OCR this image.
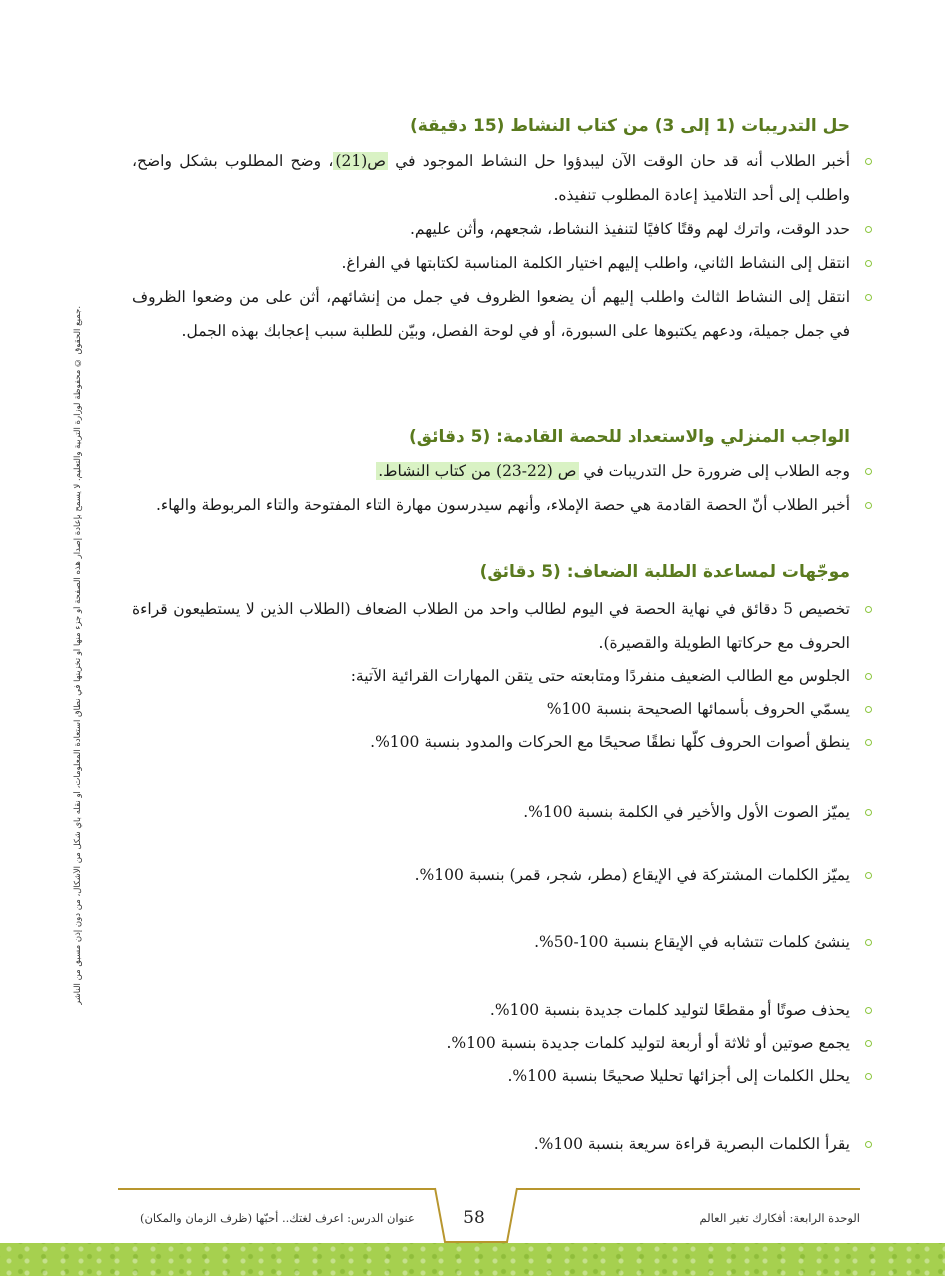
حل التدريبات (1 إلى 3) من كتاب النشاط (15 دقيقة)
أخبر الطلاب أنه قد حان الوقت الآن ليبدؤوا حل النشاط الموجود في ص(21)، وضح المطلوب بشكل واضح، واطلب إلى أحد التلاميذ إعادة المطلوب تنفيذه.
حدد الوقت، واترك لهم وقتًا كافيًا لتنفيذ النشاط، شجعهم، وأثن عليهم.
انتقل إلى النشاط الثاني، واطلب إليهم اختيار الكلمة المناسبة لكتابتها في الفراغ.
انتقل إلى النشاط الثالث واطلب إليهم أن يضعوا الظروف في جمل من إنشائهم، أثن على من وضعوا الظروف في جمل جميلة، ودعهم يكتبوها على السبورة، أو في لوحة الفصل، وبيّن للطلبة سبب إعجابك بهذه الجمل.
الواجب المنزلي والاستعداد للحصة القادمة: (5 دقائق)
وجه الطلاب إلى ضرورة حل التدريبات في ص (22-23) من كتاب النشاط.
أخبر الطلاب أنّ الحصة القادمة هي حصة الإملاء، وأنهم سيدرسون مهارة التاء المفتوحة والتاء المربوطة والهاء.
موجّهات لمساعدة الطلبة الضعاف: (5 دقائق)
تخصيص 5 دقائق في نهاية الحصة في اليوم لطالب واحد من الطلاب الضعاف (الطلاب الذين لا يستطيعون قراءة الحروف مع حركاتها الطويلة والقصيرة).
الجلوس مع الطالب الضعيف منفردًا ومتابعته حتى يتقن المهارات القرائية الآتية:
يسمّي الحروف بأسمائها الصحيحة بنسبة 100%
ينطق أصوات الحروف كلّها نطقًا صحيحًا مع الحركات والمدود بنسبة 100%.
يميّز الصوت الأول والأخير في الكلمة بنسبة 100%.
يميّز الكلمات المشتركة في الإيقاع (مطر، شجر، قمر) بنسبة 100%.
ينشئ كلمات تتشابه في الإيقاع بنسبة 100-50%.
يحذف صوتًا أو مقطعًا لتوليد كلمات جديدة بنسبة 100%.
يجمع صوتين أو ثلاثة أو أربعة لتوليد كلمات جديدة بنسبة 100%.
يحلل الكلمات إلى أجزائها تحليلا صحيحًا بنسبة 100%.
يقرأ الكلمات البصرية قراءة سريعة بنسبة 100%.
جميع الحقوق © محفوظة لوزارة التربية والتعليم. لا يسمح بإعادة إصدار هذه الصفحة أو جزء منها أو تخزينها في نطاق استعادة المعلومات، أو نقله بأي شكل من الأشكال، من دون إذن مسبق من الناشر.
58
عنوان الدرس: اعرف لغتك.. أحبّها (ظرف الزمان والمكان)	الوحدة الرابعة: أفكارك تغير العالم
